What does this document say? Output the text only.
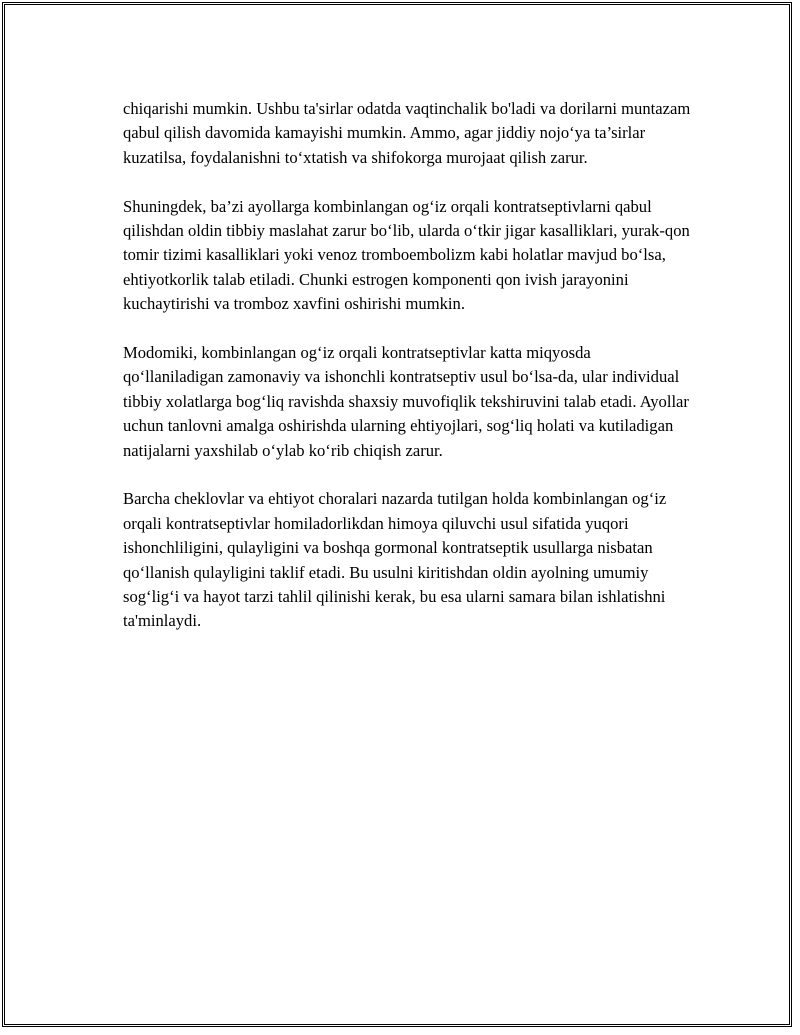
chiqarishi mumkin. Ushbu ta'sirlar odatda vaqtinchalik bo'ladi va dorilarni muntazam qabul qilish davomida kamayishi mumkin. Ammo, agar jiddiy nojo‘ya ta’sirlar kuzatilsa, foydalanishni to‘xtatish va shifokorga murojaat qilish zarur.

Shuningdek, ba’zi ayollarga kombinlangan og‘iz orqali kontratseptivlarni qabul qilishdan oldin tibbiy maslahat zarur bo‘lib, ularda o‘tkir jigar kasalliklari, yurak-qon tomir tizimi kasalliklari yoki venoz tromboembolizm kabi holatlar mavjud bo‘lsa, ehtiyotkorlik talab etiladi. Chunki estrogen komponenti qon ivish jarayonini kuchaytirishi va tromboz xavfini oshirishi mumkin.

Modomiki, kombinlangan og‘iz orqali kontratseptivlar katta miqyosda qo‘llaniladigan zamonaviy va ishonchli kontratseptiv usul bo‘lsa-da, ular individual tibbiy xolatlarga bog‘liq ravishda shaxsiy muvofiqlik tekshiruvini talab etadi. Ayollar uchun tanlovni amalga oshirishda ularning ehtiyojlari, sog‘liq holati va kutiladigan natijalarni yaxshilab o‘ylab ko‘rib chiqish zarur.

Barcha cheklovlar va ehtiyot choralari nazarda tutilgan holda kombinlangan og‘iz orqali kontratseptivlar homiladorlikdan himoya qiluvchi usul sifatida yuqori ishonchliligini, qulayligini va boshqa gormonal kontratseptik usullarga nisbatan qo‘llanish qulayligini taklif etadi. Bu usulni kiritishdan oldin ayolning umumiy sog‘lig‘i va hayot tarzi tahlil qilinishi kerak, bu esa ularni samara bilan ishlatishni ta'minlaydi.
